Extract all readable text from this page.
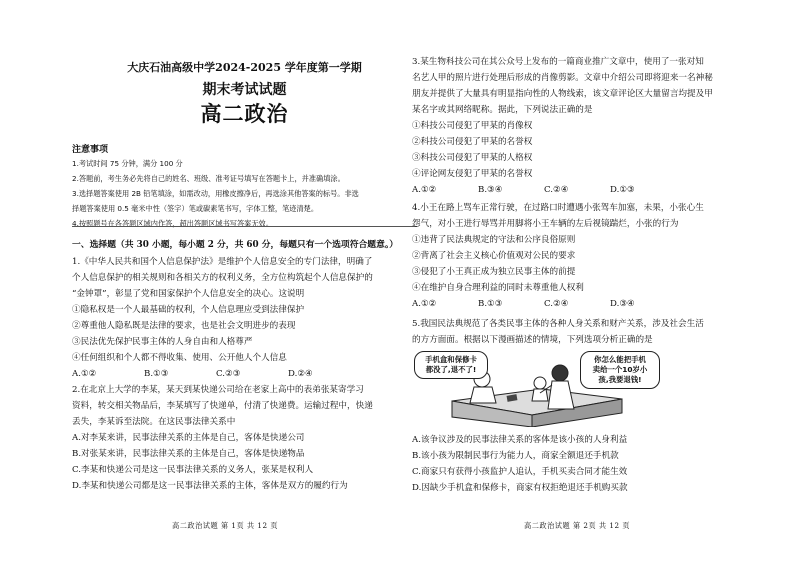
大庆石油高级中学2024-2025 学年度第一学期
期末考试试题
高二政治
注意事项
1.考试时间 75 分钟，满分 100 分
2.答题前，考生务必先将自己的姓名、班级、准考证号填写在答题卡上，并准确填涂。
3.选择题答案使用 2B 铅笔填涂，如需改动，用橡皮擦净后，再选涂其他答案的标号。非选
择题答案使用 0.5 毫米中性（签字）笔或碳素笔书写，字体工整，笔迹清楚。
4.按照题号在各答题区域内作答，超出答题区域书写答案无效。
一、选择题（共 30 小题，每小题 2 分，共 60 分，每题只有一个选项符合题意。）
1.《中华人民共和国个人信息保护法》是维护个人信息安全的专门法律，明确了
个人信息保护的相关规则和各相关方的权利义务，全方位构筑起个人信息保护的
“金钟罩”，彰显了党和国家保护个人信息安全的决心。这说明
①隐私权是一个人最基础的权利，个人信息理应受到法律保护
②尊重他人隐私既是法律的要求，也是社会文明进步的表现
③民法优先保护民事主体的人身自由和人格尊严
④任何组织和个人都不得收集、使用、公开他人个人信息
A.①②	B.①③	C.②③	D.②④
2.在北京上大学的李某，某天到某快递公司给在老家上高中的表弟张某寄学习
资料，转交相关物品后，李某填写了快递单，付清了快递费。运输过程中，快递
丢失，李某诉至法院。在这民事法律关系中
A.对李某来讲，民事法律关系的主体是自己，客体是快递公司
B.对张某来讲，民事法律关系的主体是自己，客体是快递物品
C.李某和快递公司是这一民事法律关系的义务人，张某是权利人
D.李某和快递公司都是这一民事法律关系的主体，客体是双方的履约行为
高二政治试题 第 1页 共 12 页
3.某生物科技公司在其公众号上发布的一篇商业推广文章中，使用了一张对知
名艺人甲的照片进行处理后形成的肖像剪影。文章中介绍公司即将迎来一名神秘
朋友并提供了大量具有明显指向性的人物线索，该文章评论区大量留言均提及甲
某名字或其网络昵称。据此，下列说法正确的是
①科技公司侵犯了甲某的肖像权
②科技公司侵犯了甲某的名誉权
③科技公司侵犯了甲某的人格权
④评论网友侵犯了甲某的名誉权
A.①②	B.③④	C.②④	D.①③
4.小王在路上骂车正常行驶，在过路口时遭遇小张驾车加塞，未果，小张心生
怨气，对小王进行辱骂并用脚将小王车辆的左后视镜踹烂，小张的行为
①违背了民法典规定的守法和公序良俗原则
②背离了社会主义核心价值观对公民的要求
③侵犯了小王真正成为独立民事主体的前提
④在维护自身合理利益的同时未尊重他人权利
A.①②	B.①③	C.②④	D.③④
5.我国民法典规范了各类民事主体的各种人身关系和财产关系，涉及社会生活
的方方面面。根据以下漫画描述的情境，下列选项分析正确的是
手机盒和保修卡
都没了,退不了!
你怎么能把手机
卖给一个10岁小
孩,我要退钱!
A.该争议涉及的民事法律关系的客体是该小孩的人身利益
B.该小孩为限制民事行为能力人，商家全额退还手机款
C.商家只有获得小孩监护人追认，手机买卖合同才能生效
D.因缺少手机盒和保修卡，商家有权拒绝退还手机购买款
高二政治试题 第 2页 共 12 页
